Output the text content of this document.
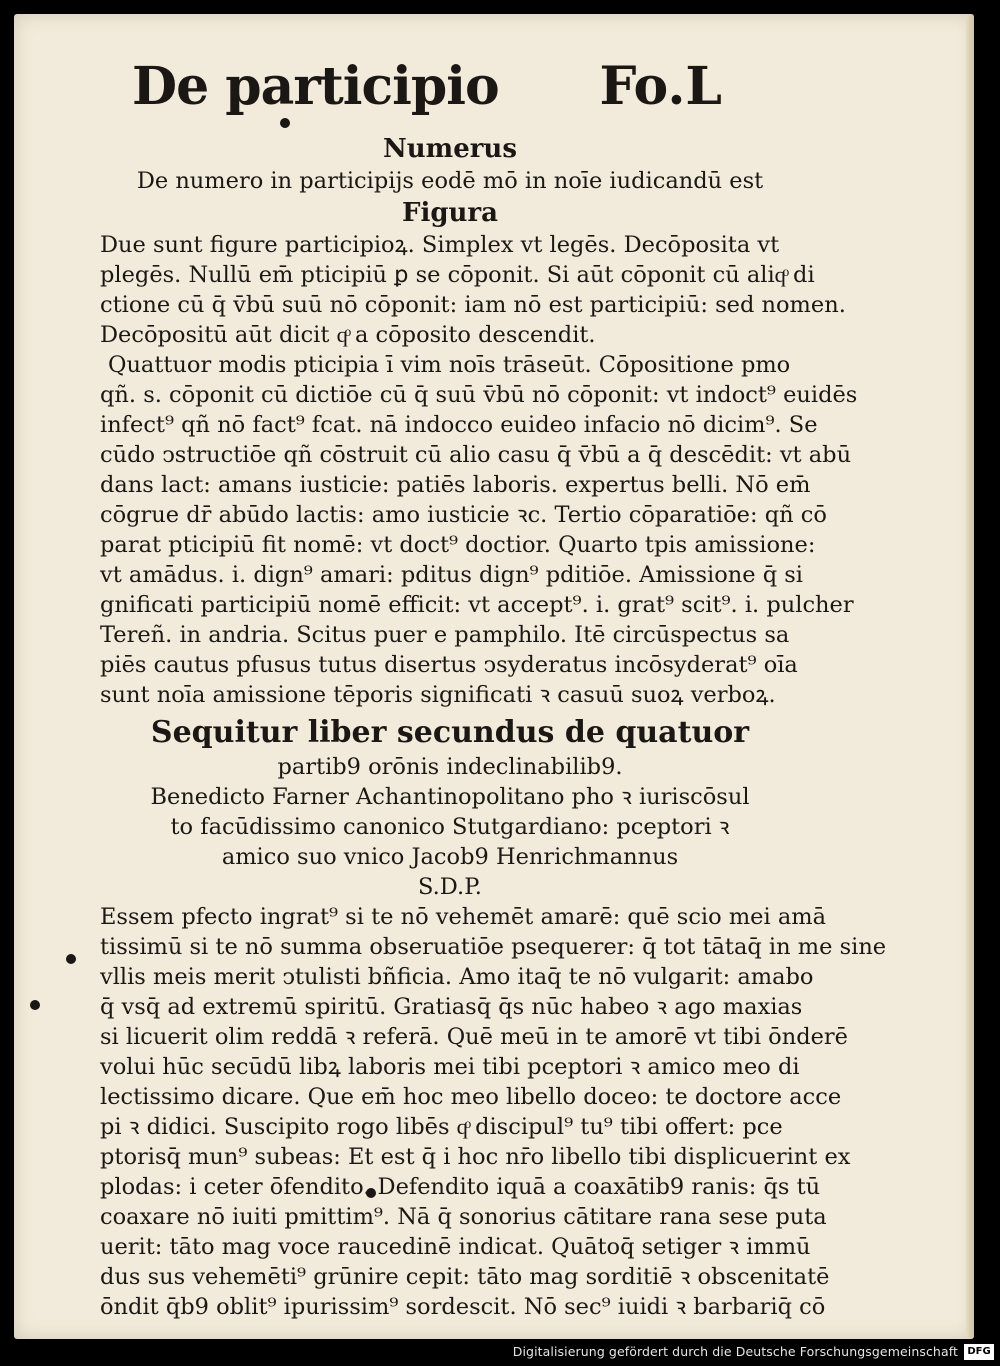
De participio Fo.L
Numerus
De numero in participijs eodē mō in noīe iudicandū est
Figura
Due sunt figure participioꝝ. Simplex vt legēs. Decōposita vt
plegēs. Nullū em̄ pticipiū ꝑ se cōponit. Si aūt cōponit cū aliqͦ di
ctione cū q̄ v̄bū suū nō cōponit: iam nō est participiū: sed nomen.
Decōpositū aūt dicit qͦ a cōposito descendit.
Quattuor modis pticipia ī vim noīs trāseūt. Cōpositione pmo
qñ. s. cōponit cū dictiōe cū q̄ suū v̄bū nō cōponit: vt indoct⁹ euidēs
infect⁹ qñ nō fact⁹ fcat. nā indocco euideo infacio nō dicim⁹. Se
cūdo ↄstructiōe qñ cōstruit cū alio casu q̄ v̄bū a q̄ descēdit: vt abū
dans lact: amans iusticie: patiēs laboris. expertus belli. Nō em̄
cōgrue dr̄ abūdo lactis: amo iusticie ꝛc. Tertio cōparatiōe: qñ cō
parat pticipiū fit nomē: vt doct⁹ doctior. Quarto tpis amissione:
vt amādus. i. dign⁹ amari: pditus dign⁹ pditiōe. Amissione q̄ si
gnificati participiū nomē efficit: vt accept⁹. i. grat⁹ scit⁹. i. pulcher
Tereñ. in andria. Scitus puer e pamphilo. Itē circūspectus sa
piēs cautus pfusus tutus disertus ↄsyderatus incōsyderat⁹ oīa
sunt noīa amissione tēporis significati ꝛ casuū suoꝝ verboꝝ.
Sequitur liber secundus de quatuor
partib9 orōnis indeclinabilib9.
Benedicto Farner Achantinopolitano pho ꝛ iuriscōsul
to facūdissimo canonico Stutgardiano: pceptori ꝛ
amico suo vnico Jacob9 Henrichmannus
S.D.P.
Essem pfecto ingrat⁹ si te nō vehemēt amarē: quē scio mei amā
tissimū si te nō summa obseruatiōe psequerer: q̄ tot tātaq̄ in me sine
vllis meis merit ↄtulisti bñficia. Amo itaq̄ te nō vulgarit: amabo
q̄ vsq̄ ad extremū spiritū. Gratiasq̄ q̄s nūc habeo ꝛ ago maxias
si licuerit olim reddā ꝛ referā. Quē meū in te amorē vt tibi ōnderē
volui hūc secūdū libꝝ laboris mei tibi pceptori ꝛ amico meo di
lectissimo dicare. Que em̄ hoc meo libello doceo: te doctore acce
pi ꝛ didici. Suscipito rogo libēs qͦ discipul⁹ tu⁹ tibi offert: pce
ptorisq̄ mun⁹ subeas: Et est q̄ i hoc nr̄o libello tibi displicuerint ex
plodas: i ceter ōfendito. Defendito iquā a coaxātib9 ranis: q̄s tū
coaxare nō iuiti pmittim⁹. Nā q̄ sonorius cātitare rana sese puta
uerit: tāto mag voce raucedinē indicat. Quātoq̄ setiger ꝛ immū
dus sus vehemēti⁹ grūnire cepit: tāto mag sorditiē ꝛ obscenitatē
ōndit q̄b9 oblit⁹ ipurissim⁹ sordescit. Nō sec⁹ iuidi ꝛ barbariq̄ cō
Digitalisierung gefördert durch die Deutsche Forschungsgemeinschaft DFG
